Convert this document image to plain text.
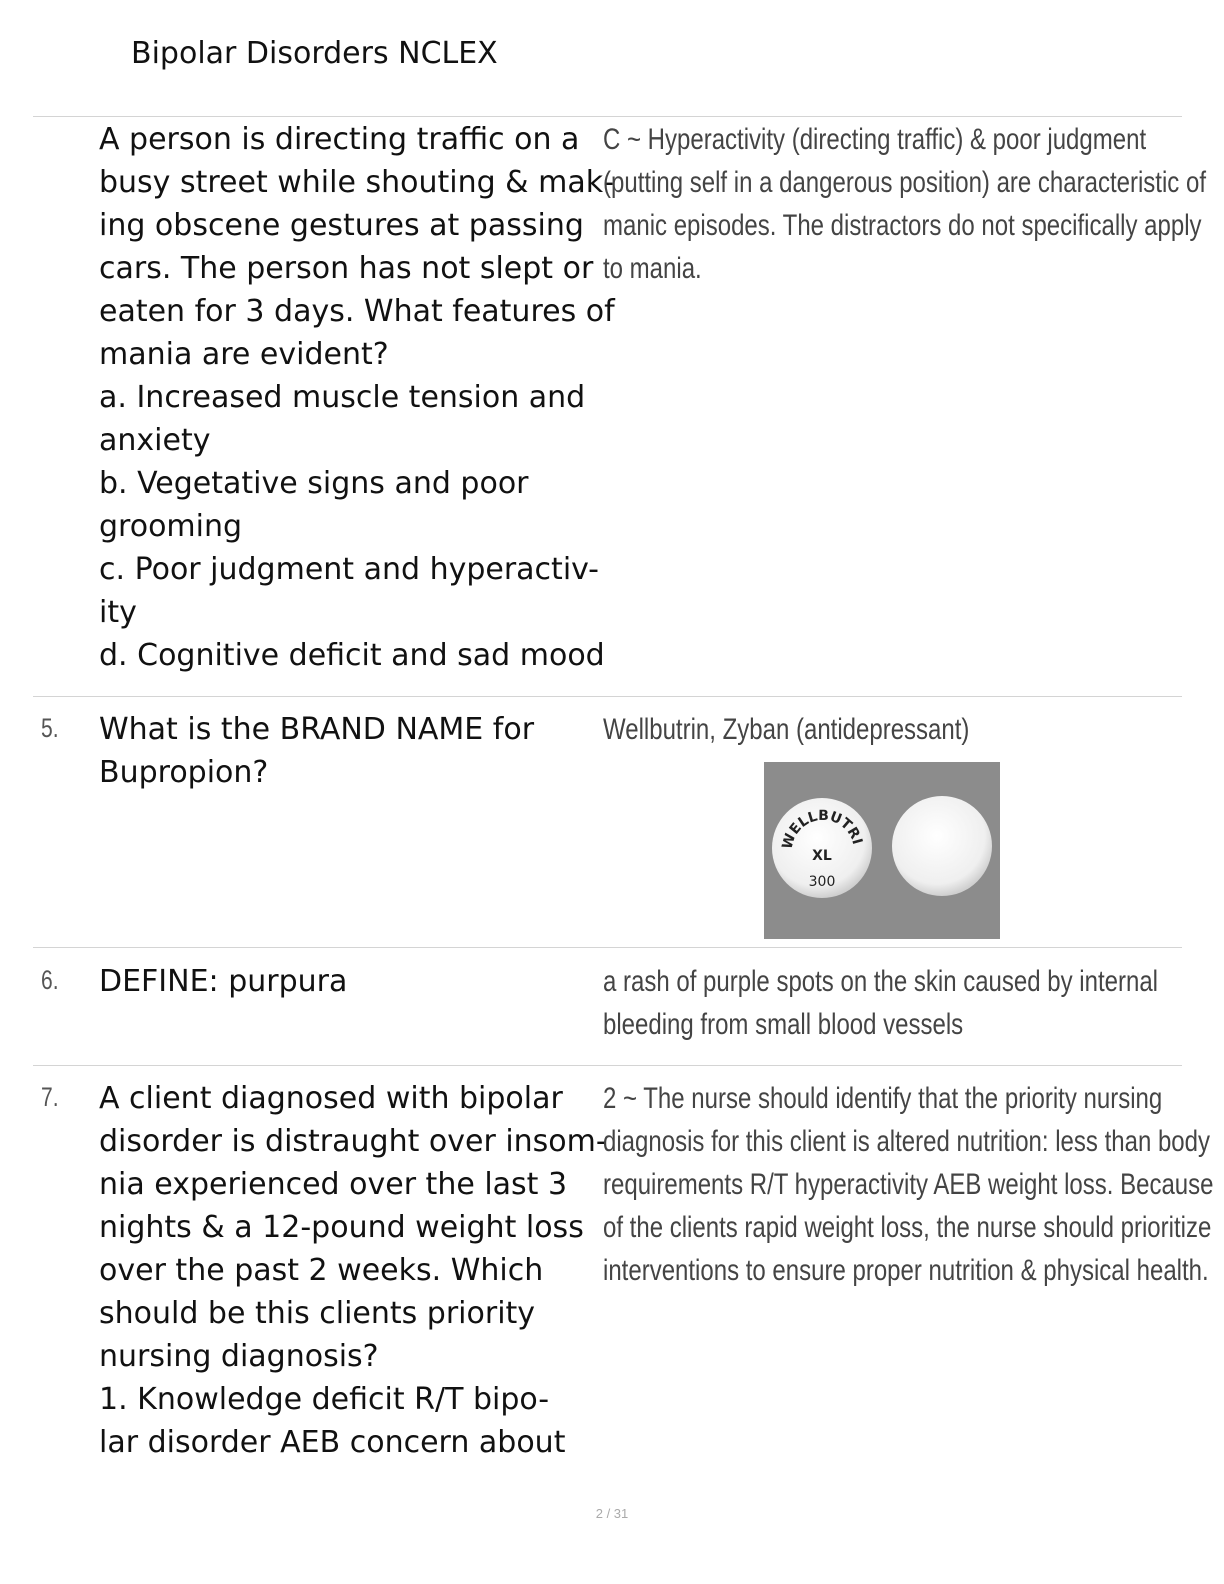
Bipolar Disorders NCLEX
A person is directing traffic on a
busy street while shouting & mak-
ing obscene gestures at passing
cars. The person has not slept or
eaten for 3 days. What features of
mania are evident?
a. Increased muscle tension and
anxiety
b. Vegetative signs and poor
grooming
c. Poor judgment and hyperactiv-
ity
d. Cognitive deficit and sad mood
C ~ Hyperactivity (directing traffic) & poor judgment
(putting self in a dangerous position) are characteristic of
manic episodes. The distractors do not specifically apply
to mania.
5. What is the BRAND NAME for
Bupropion?
Wellbutrin, Zyban (antidepressant)
WELLBUTRI
XL
300
6. DEFINE: purpura	a rash of purple spots on the skin caused by internal
bleeding from small blood vessels
7. A client diagnosed with bipolar
disorder is distraught over insom-
nia experienced over the last 3
nights & a 12-pound weight loss
over the past 2 weeks. Which
should be this clients priority
nursing diagnosis?
1. Knowledge deficit R/T bipo-
lar disorder AEB concern about
2 ~ The nurse should identify that the priority nursing
diagnosis for this client is altered nutrition: less than body
requirements R/T hyperactivity AEB weight loss. Because
of the clients rapid weight loss, the nurse should prioritize
interventions to ensure proper nutrition & physical health.
2 / 31
